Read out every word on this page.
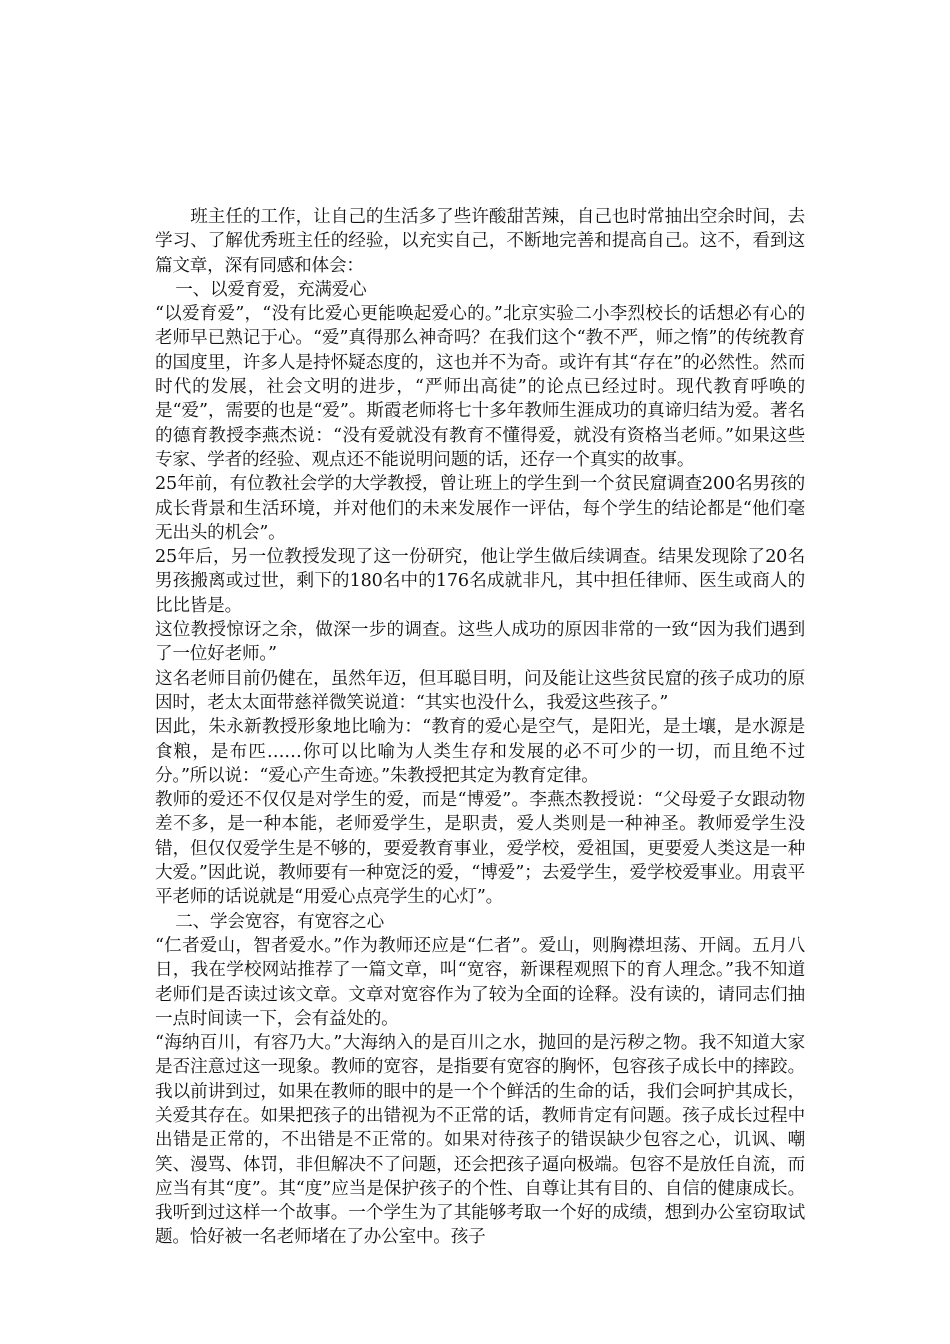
班主任的工作，让自己的生活多了些许酸甜苦辣，自己也时常抽出空余时间，去学习、了解优秀班主任的经验，以充实自己，不断地完善和提高自己。这不，看到这篇文章，深有同感和体会：

一、以爱育爱，充满爱心

“以爱育爱”，“没有比爱心更能唤起爱心的。”北京实验二小李烈校长的话想必有心的老师早已熟记于心。“爱”真得那么神奇吗？在我们这个“教不严，师之惰”的传统教育的国度里，许多人是持怀疑态度的，这也并不为奇。或许有其“存在”的必然性。然而时代的发展，社会文明的进步，“严师出高徒”的论点已经过时。现代教育呼唤的是“爱”，需要的也是“爱”。斯霞老师将七十多年教师生涯成功的真谛归结为爱。著名的德育教授李燕杰说：“没有爱就没有教育不懂得爱，就没有资格当老师。”如果这些专家、学者的经验、观点还不能说明问题的话，还存一个真实的故事。

25年前，有位教社会学的大学教授，曾让班上的学生到一个贫民窟调查200名男孩的成长背景和生活环境，并对他们的未来发展作一评估，每个学生的结论都是“他们毫无出头的机会”。

25年后，另一位教授发现了这一份研究，他让学生做后续调查。结果发现除了20名男孩搬离或过世，剩下的180名中的176名成就非凡，其中担任律师、医生或商人的比比皆是。

这位教授惊讶之余，做深一步的调查。这些人成功的原因非常的一致“因为我们遇到了一位好老师。”

这名老师目前仍健在，虽然年迈，但耳聪目明，问及能让这些贫民窟的孩子成功的原因时，老太太面带慈祥微笑说道：“其实也没什么，我爱这些孩子。”

因此，朱永新教授形象地比喻为：“教育的爱心是空气，是阳光，是土壤，是水源是食粮，是布匹……你可以比喻为人类生存和发展的必不可少的一切，而且绝不过分。”所以说：“爱心产生奇迹。”朱教授把其定为教育定律。

教师的爱还不仅仅是对学生的爱，而是“博爱”。李燕杰教授说：“父母爱子女跟动物差不多，是一种本能，老师爱学生，是职责，爱人类则是一种神圣。教师爱学生没错，但仅仅爱学生是不够的，要爱教育事业，爱学校，爱祖国，更要爱人类这是一种大爱。”因此说，教师要有一种宽泛的爱，“博爱”；去爱学生，爱学校爱事业。用袁平平老师的话说就是“用爱心点亮学生的心灯”。

二、学会宽容，有宽容之心

“仁者爱山，智者爱水。”作为教师还应是“仁者”。爱山，则胸襟坦荡、开阔。五月八日，我在学校网站推荐了一篇文章，叫“宽容，新课程观照下的育人理念。”我不知道老师们是否读过该文章。文章对宽容作为了较为全面的诠释。没有读的，请同志们抽一点时间读一下，会有益处的。

“海纳百川，有容乃大。”大海纳入的是百川之水，抛回的是污秽之物。我不知道大家是否注意过这一现象。教师的宽容，是指要有宽容的胸怀，包容孩子成长中的摔跤。我以前讲到过，如果在教师的眼中的是一个个鲜活的生命的话，我们会呵护其成长，关爱其存在。如果把孩子的出错视为不正常的话，教师肯定有问题。孩子成长过程中出错是正常的，不出错是不正常的。如果对待孩子的错误缺少包容之心，讥讽、嘲笑、漫骂、体罚，非但解决不了问题，还会把孩子逼向极端。包容不是放任自流，而应当有其“度”。其“度”应当是保护孩子的个性、自尊让其有目的、自信的健康成长。我听到过这样一个故事。一个学生为了其能够考取一个好的成绩，想到办公室窃取试题。恰好被一名老师堵在了办公室中。孩子
